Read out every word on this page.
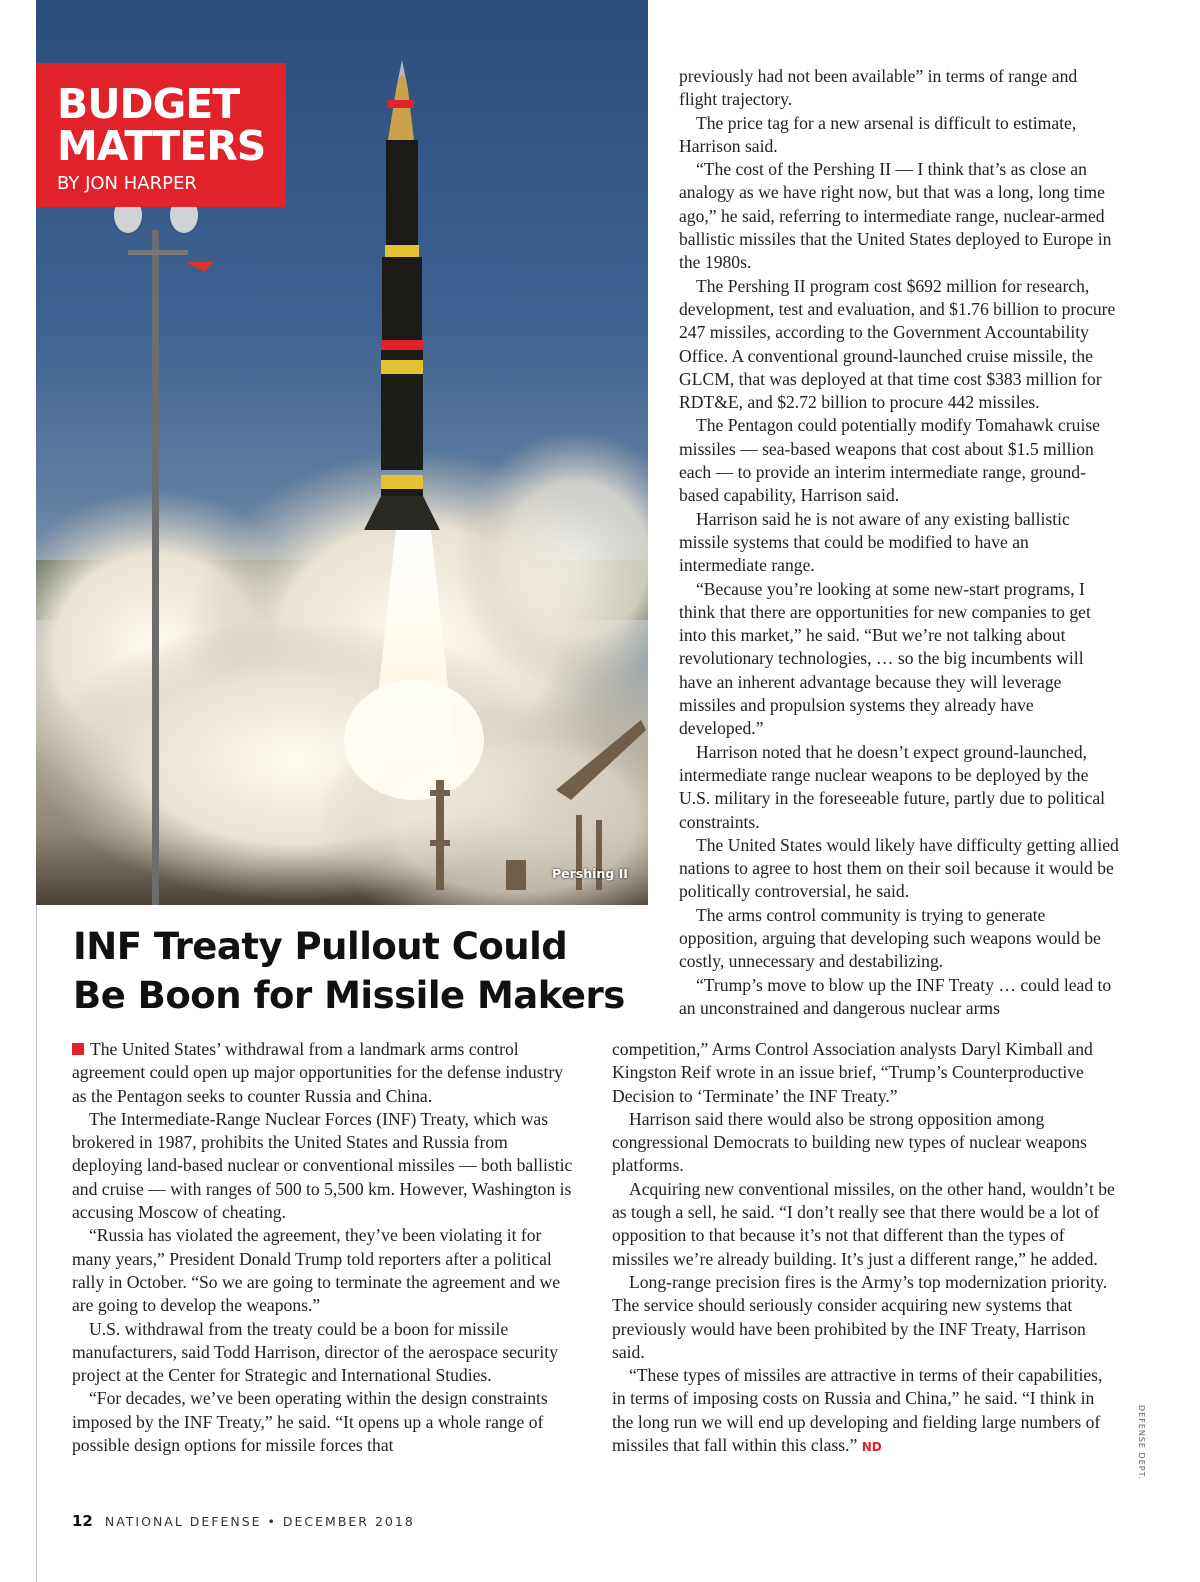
Pershing II
BUDGET
MATTERS
BY JON HARPER
INF Treaty Pullout Could
Be Boon for Missile Makers

The United States’ withdrawal from a landmark arms control agreement could open up major opportunities for the defense industry as the Pentagon seeks to counter Russia and China.

The Intermediate-Range Nuclear Forces (INF) Treaty, which was brokered in 1987, prohibits the United States and Russia from deploying land-based nuclear or conventional missiles — both ballistic and cruise — with ranges of 500 to 5,500 km. However, Washington is accusing Moscow of cheating.

“Russia has violated the agreement, they’ve been violating it for many years,” President Donald Trump told reporters after a political rally in October. “So we are going to terminate the agreement and we are going to develop the weapons.”

U.S. withdrawal from the treaty could be a boon for missile manufacturers, said Todd Harrison, director of the aerospace security project at the Center for Strategic and International Studies.

“For decades, we’ve been operating within the design constraints imposed by the INF Treaty,” he said. “It opens up a whole range of possible design options for missile forces that

previously had not been available” in terms of range and flight trajectory.

The price tag for a new arsenal is difficult to estimate, Harrison said.

“The cost of the Pershing II — I think that’s as close an analogy as we have right now, but that was a long, long time ago,” he said, referring to intermediate range, nuclear-armed ballistic missiles that the United States deployed to Europe in the 1980s.

The Pershing II program cost $692 million for research, development, test and evaluation, and $1.76 billion to procure 247 missiles, according to the Government Accountability Office. A conventional ground-launched cruise missile, the GLCM, that was deployed at that time cost $383 million for RDT&E, and $2.72 billion to procure 442 missiles.

The Pentagon could potentially modify Tomahawk cruise missiles — sea-based weapons that cost about $1.5 million each — to provide an interim intermediate range, ground-based capability, Harrison said.

Harrison said he is not aware of any existing ballistic missile systems that could be modified to have an intermediate range.

“Because you’re looking at some new-start programs, I think that there are opportunities for new companies to get into this market,” he said. “But we’re not talking about revolutionary technologies, … so the big incumbents will have an inherent advantage because they will leverage missiles and propulsion systems they already have developed.”

Harrison noted that he doesn’t expect ground-launched, intermediate range nuclear weapons to be deployed by the U.S. military in the foreseeable future, partly due to political constraints.

The United States would likely have difficulty getting allied nations to agree to host them on their soil because it would be politically controversial, he said.

The arms control community is trying to generate opposition, arguing that developing such weapons would be costly, unnecessary and destabilizing.

“Trump’s move to blow up the INF Treaty … could lead to an unconstrained and dangerous nuclear arms

competition,” Arms Control Association analysts Daryl Kimball and Kingston Reif wrote in an issue brief, “Trump’s Counterproductive Decision to ‘Terminate’ the INF Treaty.”

Harrison said there would also be strong opposition among congressional Democrats to building new types of nuclear weapons platforms.

Acquiring new conventional missiles, on the other hand, wouldn’t be as tough a sell, he said. “I don’t really see that there would be a lot of opposition to that because it’s not that different than the types of missiles we’re already building. It’s just a different range,” he added.

Long-range precision fires is the Army’s top modernization priority. The service should seriously consider acquiring new systems that previously would have been prohibited by the INF Treaty, Harrison said.

“These types of missiles are attractive in terms of their capabilities, in terms of imposing costs on Russia and China,” he said. “I think in the long run we will end up developing and fielding large numbers of missiles that fall within this class.” ND	DEFENSE DEPT.
12 NATIONAL DEFENSE • DECEMBER 2018
